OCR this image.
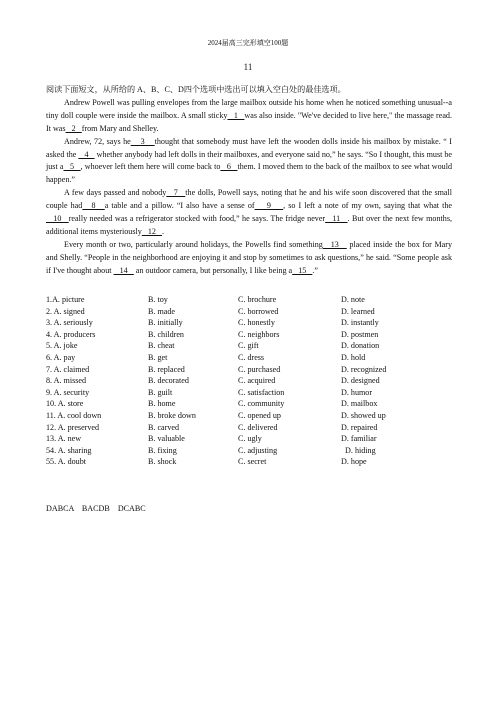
2024届高三完形填空100题
11

阅读下面短文，从所给的 A、B、C、D四个选项中选出可以填入空白处的最佳选项。

Andrew Powell was pulling envelopes from the large mailbox outside his home when he noticed something unusual--a tiny doll couple were inside the mailbox. A small sticky   1   was also inside. "We've decided to live here," the massage read. It was   2   from Mary and Shelley.

Andrew, 72, says he    3    thought that somebody must have left the wooden dolls inside his mailbox by mistake. “ I asked the    4    whether anybody had left dolls in their mailboxes, and everyone said no,” he says. “So I thought, this must be just a   5   , whoever left them here will come back to   6   them. I moved them to the back of the mailbox to see what would happen.”

A few days passed and nobody   7   the dolls, Powell says, noting that he and his wife soon discovered that the small couple had   8   a table and a pillow. “I also have a sense of    9    , so I left a note of my own, saying that what the   10   really needed was a refrigerator stocked with food,” he says. The fridge never   11   . But over the next few months, additional items mysteriously   12   .

Every month or two, particularly around holidays, the Powells find something   13    placed inside the box for Mary and Shelly. “People in the neighborhood are enjoying it and stop by sometimes to ask questions,” he said. “Some people ask if I've thought about    14    an outdoor camera, but personally, I like being a   15   .”

1.A. picture	B. toy	C. brochure	D. note
2. A. signed	B. made	C. borrowed	D. learned
3. A. seriously	B. initially	C. honestly	D. instantly
4. A. producers	B. children	C. neighbors	D. postmen
5. A. joke	B. cheat	C. gift	D. donation
6. A. pay	B. get	C. dress	D. hold
7. A. claimed	B. replaced	C. purchased	D. recognized
8. A. missed	B. decorated	C. acquired	D. designed
9. A. security	B. guilt	C. satisfaction	D. humor
10. A. store	B. home	C. community	D. mailbox
11. A. cool down	B. broke down	C. opened up	D. showed up
12. A. preserved	B. carved	C. delivered	D. repaired
13. A. new	B. valuable	C. ugly	D. familiar
54. A. sharing	B. fixing	C. adjusting	D. hiding
55. A. doubt	B. shock	C. secret	D. hope
DABCA BACDB DCABC
